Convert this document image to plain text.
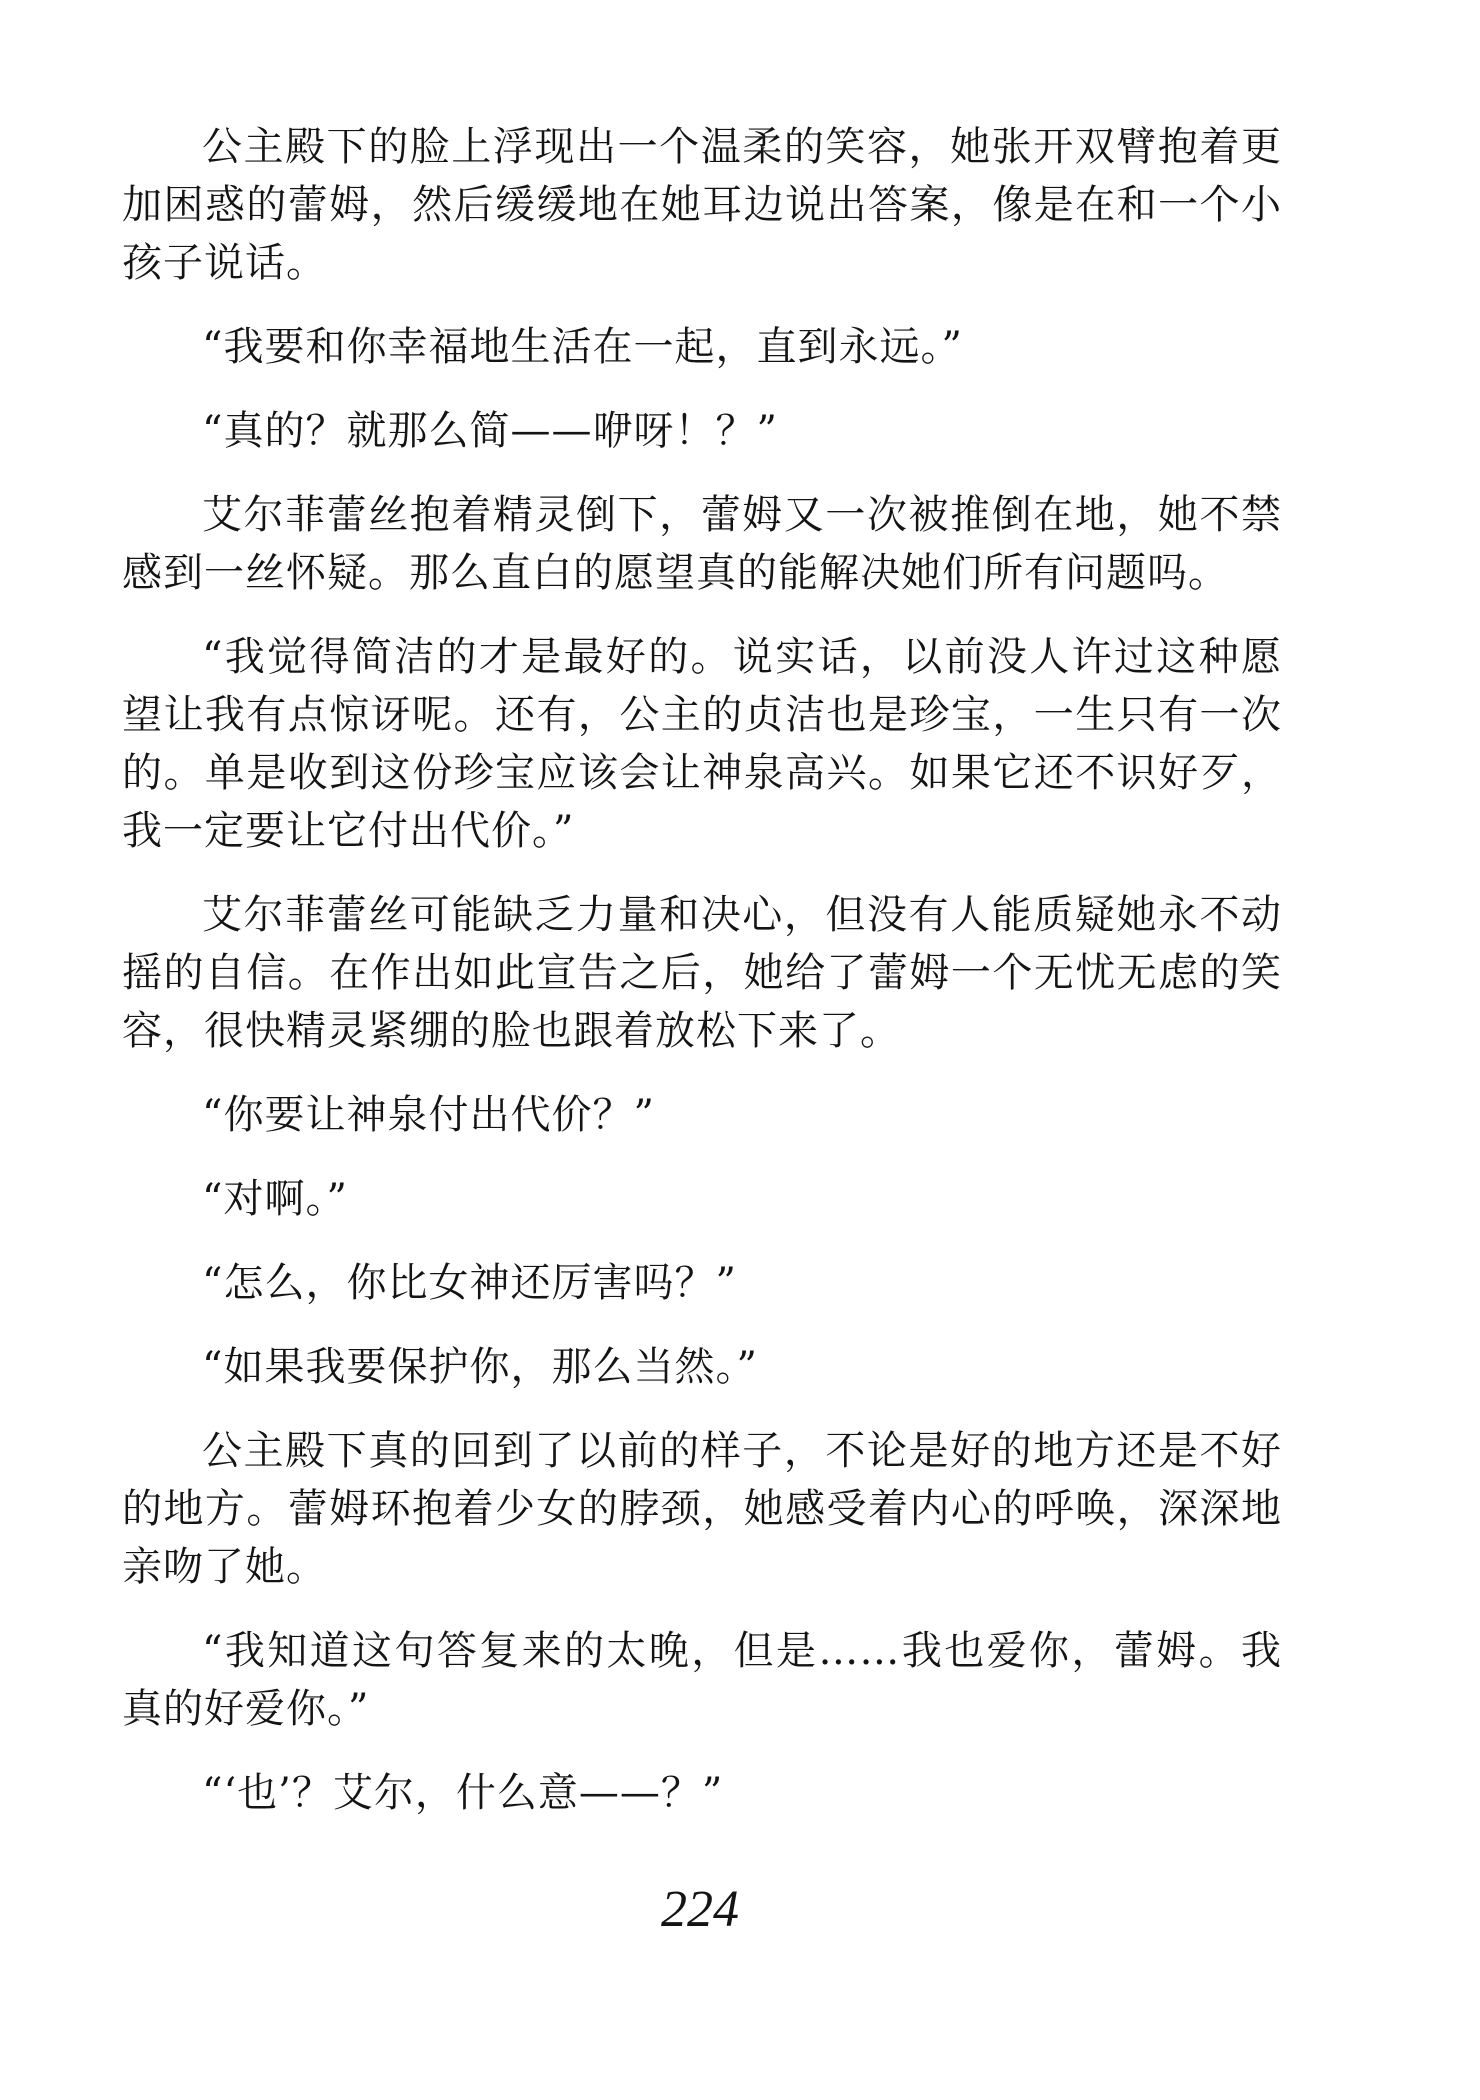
公主殿下的脸上浮现出一个温柔的笑容，她张开双臂抱着更加困惑的蕾姆，然后缓缓地在她耳边说出答案，像是在和一个小孩子说话。

“我要和你幸福地生活在一起，直到永远。”

“真的？就那么简——咿呀！？”

艾尔菲蕾丝抱着精灵倒下，蕾姆又一次被推倒在地，她不禁感到一丝怀疑。那么直白的愿望真的能解决她们所有问题吗。

“我觉得简洁的才是最好的。说实话，以前没人许过这种愿望让我有点惊讶呢。还有，公主的贞洁也是珍宝，一生只有一次的。单是收到这份珍宝应该会让神泉高兴。如果它还不识好歹，我一定要让它付出代价。”

艾尔菲蕾丝可能缺乏力量和决心，但没有人能质疑她永不动摇的自信。在作出如此宣告之后，她给了蕾姆一个无忧无虑的笑容，很快精灵紧绷的脸也跟着放松下来了。

“你要让神泉付出代价？”

“对啊。”

“怎么，你比女神还厉害吗？”

“如果我要保护你，那么当然。”

公主殿下真的回到了以前的样子，不论是好的地方还是不好的地方。蕾姆环抱着少女的脖颈，她感受着内心的呼唤，深深地亲吻了她。

“我知道这句答复来的太晚，但是……我也爱你，蕾姆。我真的好爱你。”

“‘也’？艾尔，什么意——？”

224
